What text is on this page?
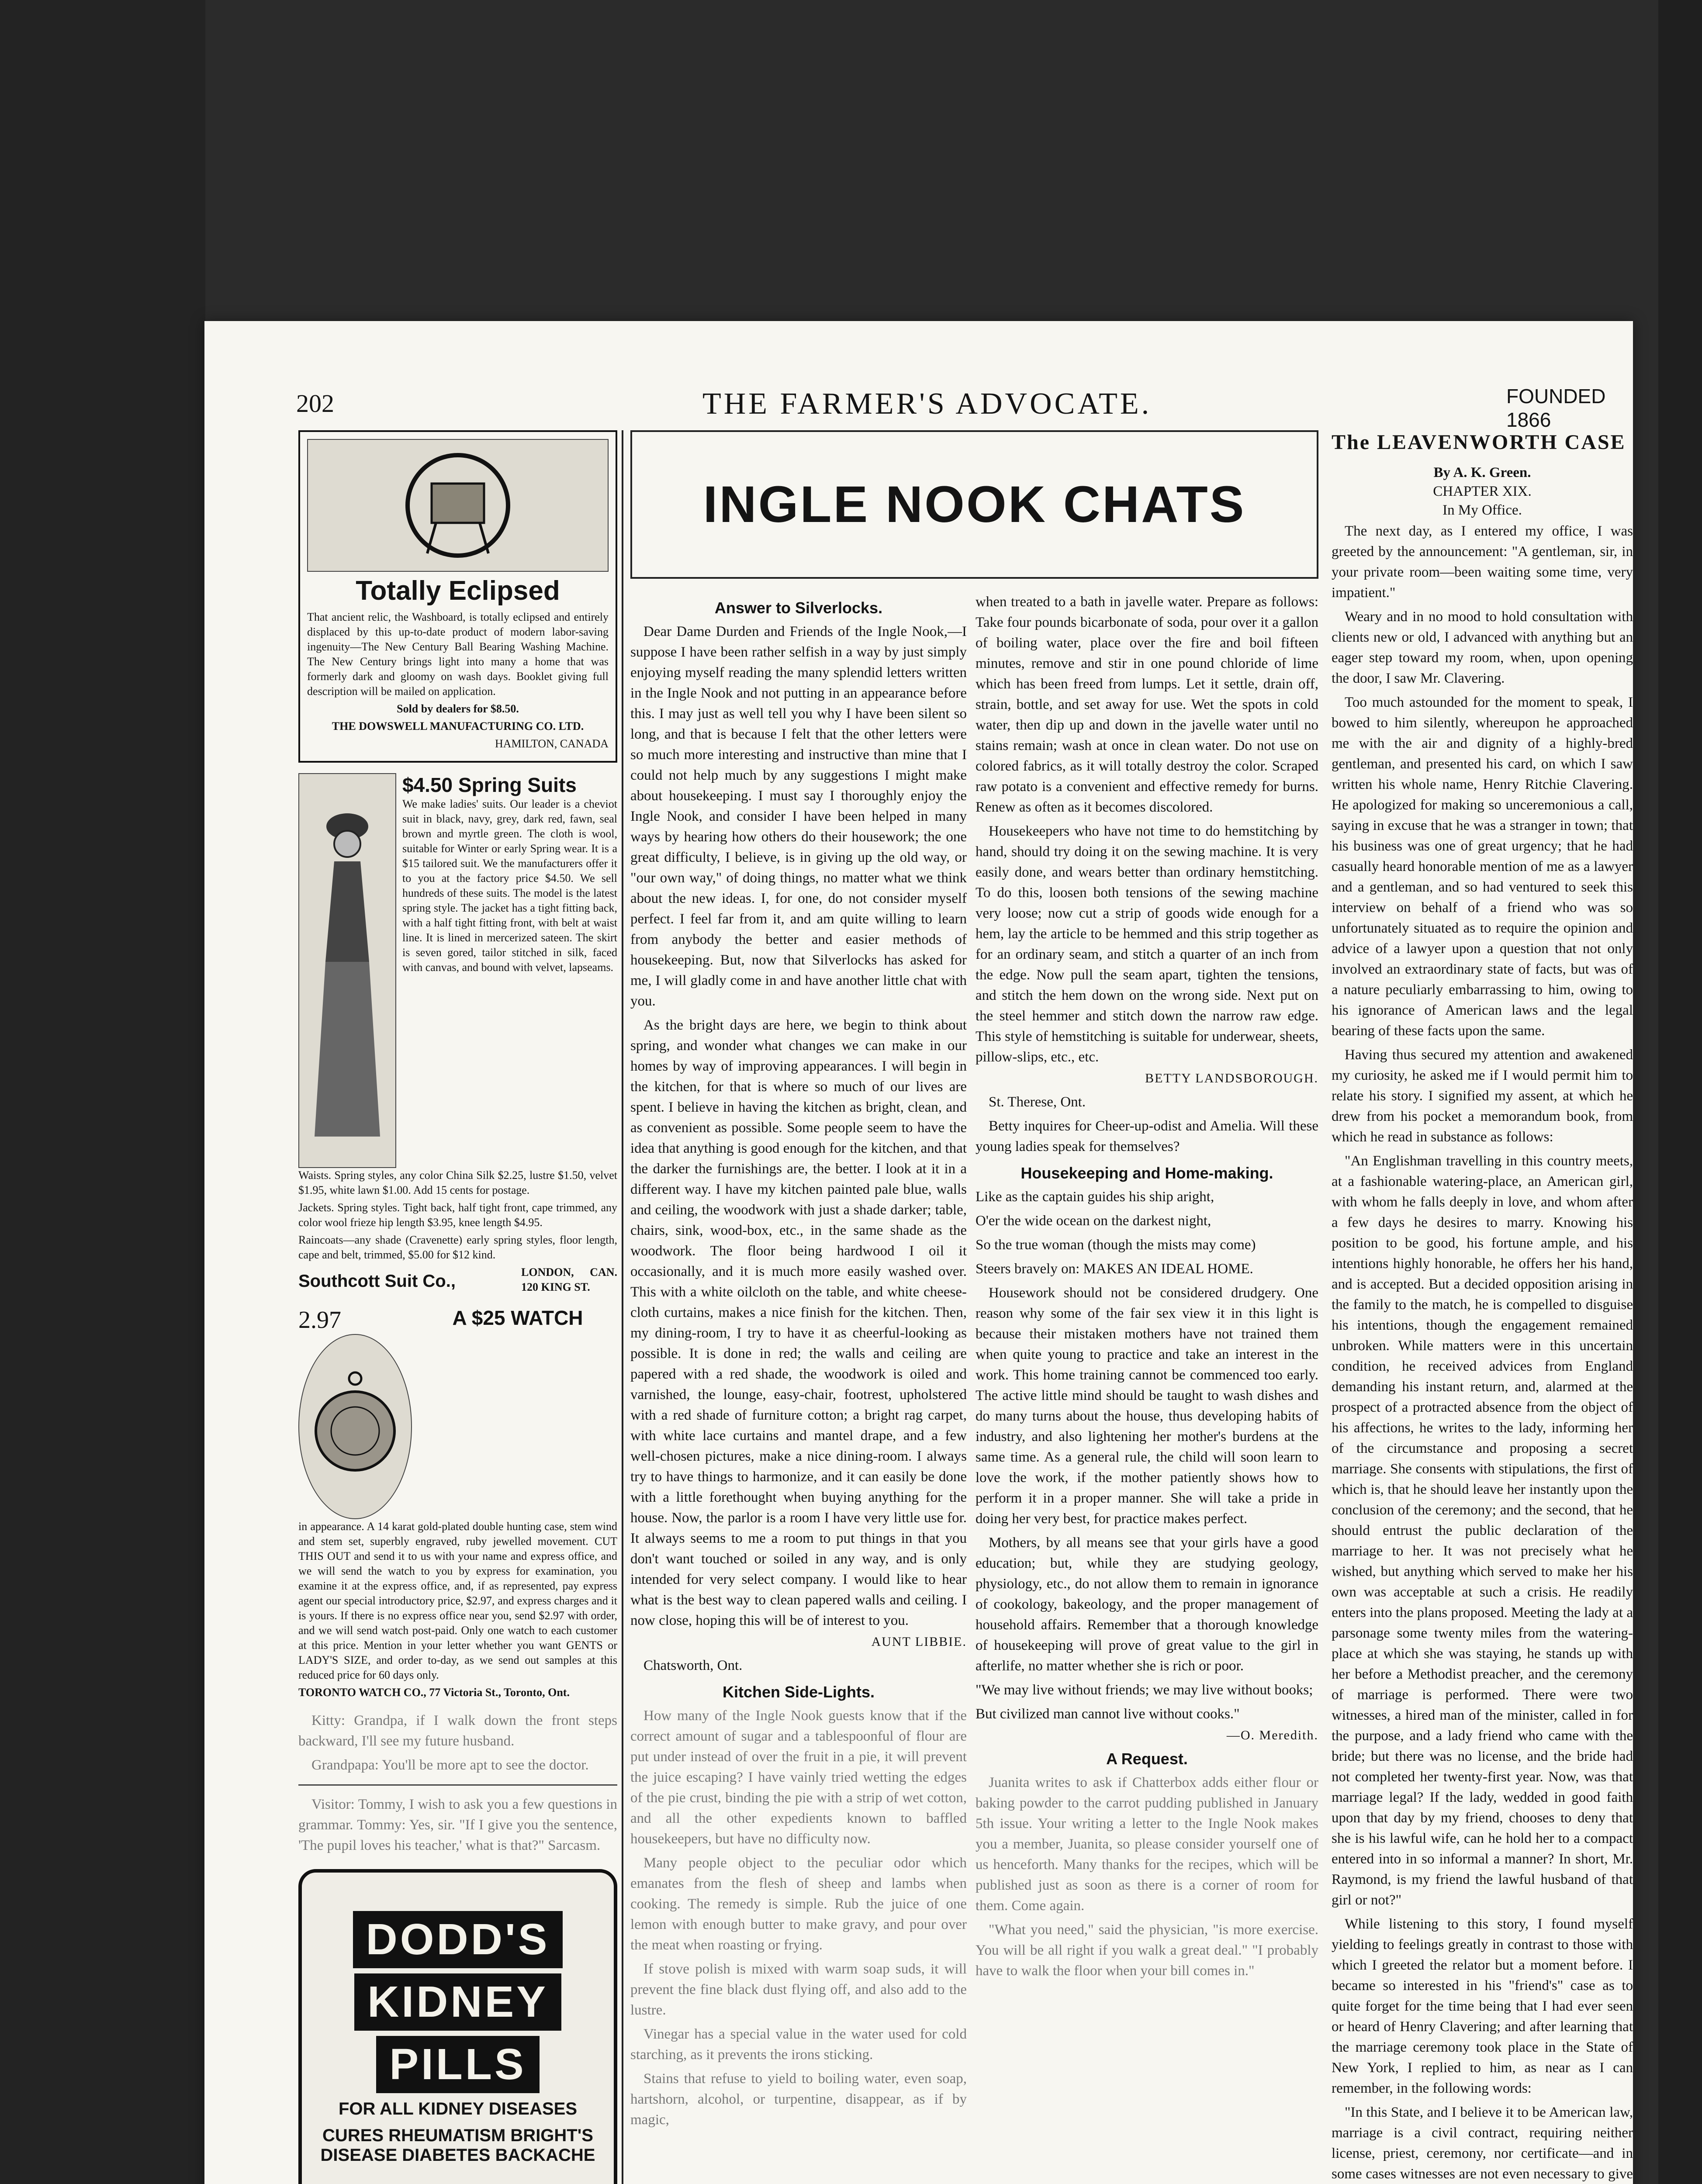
202	THE FARMER'S ADVOCATE.	FOUNDED 1866
Totally Eclipsed

That ancient relic, the Washboard, is totally eclipsed and entirely displaced by this up-to-date product of modern labor-saving ingenuity—The New Century Ball Bearing Washing Machine. The New Century brings light into many a home that was formerly dark and gloomy on wash days. Booklet giving full description will be mailed on application.

Sold by dealers for $8.50.

THE DOWSWELL MANUFACTURING CO. LTD.

HAMILTON, CANADA

$4.50 Spring Suits

We make ladies' suits. Our leader is a cheviot suit in black, navy, grey, dark red, fawn, seal brown and myrtle green. The cloth is wool, suitable for Winter or early Spring wear. It is a $15 tailored suit. We the manufacturers offer it to you at the factory price $4.50. We sell hundreds of these suits. The model is the latest spring style. The jacket has a tight fitting back, with a half tight fitting front, with belt at waist line. It is lined in mercerized sateen. The skirt is seven gored, tailor stitched in silk, faced with canvas, and bound with velvet, lapseams.

Waists. Spring styles, any color China Silk $2.25, lustre $1.50, velvet $1.95, white lawn $1.00. Add 15 cents for postage.

Jackets. Spring styles. Tight back, half tight front, cape trimmed, any color wool frieze hip length $3.95, knee length $4.95.

Raincoats—any shade (Cravenette) early spring styles, floor length, cape and belt, trimmed, $5.00 for $12 kind.

Southcott Suit Co.,	LONDON, CAN. 120 KING ST.
2.97	A $25 WATCH

in appearance. A 14 karat gold-plated double hunting case, stem wind and stem set, superbly engraved, ruby jewelled movement. CUT THIS OUT and send it to us with your name and express office, and we will send the watch to you by express for examination, you examine it at the express office, and, if as represented, pay express agent our special introductory price, $2.97, and express charges and it is yours. If there is no express office near you, send $2.97 with order, and we will send watch post-paid. Only one watch to each customer at this price. Mention in your letter whether you want GENTS or LADY'S SIZE, and order to-day, as we send out samples at this reduced price for 60 days only.

TORONTO WATCH CO., 77 Victoria St., Toronto, Ont.

Kitty: Grandpa, if I walk down the front steps backward, I'll see my future husband.

Grandpapa: You'll be more apt to see the doctor.

Visitor: Tommy, I wish to ask you a few questions in grammar. Tommy: Yes, sir. "If I give you the sentence, 'The pupil loves his teacher,' what is that?" Sarcasm.

DODD'S
KIDNEY
PILLS
FOR ALL KIDNEY DISEASES
CURES RHEUMATISM BRIGHT'S DISEASE DIABETES BACKACHE
INGLE NOOK CHATS
Answer to Silverlocks.

Dear Dame Durden and Friends of the Ingle Nook,—I suppose I have been rather selfish in a way by just simply enjoying myself reading the many splendid letters written in the Ingle Nook and not putting in an appearance before this. I may just as well tell you why I have been silent so long, and that is because I felt that the other letters were so much more interesting and instructive than mine that I could not help much by any suggestions I might make about housekeeping. I must say I thoroughly enjoy the Ingle Nook, and consider I have been helped in many ways by hearing how others do their housework; the one great difficulty, I believe, is in giving up the old way, or "our own way," of doing things, no matter what we think about the new ideas. I, for one, do not consider myself perfect. I feel far from it, and am quite willing to learn from anybody the better and easier methods of housekeeping. But, now that Silverlocks has asked for me, I will gladly come in and have another little chat with you.

As the bright days are here, we begin to think about spring, and wonder what changes we can make in our homes by way of improving appearances. I will begin in the kitchen, for that is where so much of our lives are spent. I believe in having the kitchen as bright, clean, and as convenient as possible. Some people seem to have the idea that anything is good enough for the kitchen, and that the darker the furnishings are, the better. I look at it in a different way. I have my kitchen painted pale blue, walls and ceiling, the woodwork with just a shade darker; table, chairs, sink, wood-box, etc., in the same shade as the woodwork. The floor being hardwood I oil it occasionally, and it is much more easily washed over. This with a white oilcloth on the table, and white cheese-cloth curtains, makes a nice finish for the kitchen. Then, my dining-room, I try to have it as cheerful-looking as possible. It is done in red; the walls and ceiling are papered with a red shade, the woodwork is oiled and varnished, the lounge, easy-chair, footrest, upholstered with a red shade of furniture cotton; a bright rag carpet, with white lace curtains and mantel drape, and a few well-chosen pictures, make a nice dining-room. I always try to have things to harmonize, and it can easily be done with a little forethought when buying anything for the house. Now, the parlor is a room I have very little use for. It always seems to me a room to put things in that you don't want touched or soiled in any way, and is only intended for very select company. I would like to hear what is the best way to clean papered walls and ceiling. I now close, hoping this will be of interest to you.

AUNT LIBBIE.

Chatsworth, Ont.

Kitchen Side-Lights.

How many of the Ingle Nook guests know that if the correct amount of sugar and a tablespoonful of flour are put under instead of over the fruit in a pie, it will prevent the juice escaping? I have vainly tried wetting the edges of the pie crust, binding the pie with a strip of wet cotton, and all the other expedients known to baffled housekeepers, but have no difficulty now.

Many people object to the peculiar odor which emanates from the flesh of sheep and lambs when cooking. The remedy is simple. Rub the juice of one lemon with enough butter to make gravy, and pour over the meat when roasting or frying.

If stove polish is mixed with warm soap suds, it will prevent the fine black dust flying off, and also add to the lustre.

Vinegar has a special value in the water used for cold starching, as it prevents the irons sticking.

Stains that refuse to yield to boiling water, even soap, hartshorn, alcohol, or turpentine, disappear, as if by magic,

when treated to a bath in javelle water. Prepare as follows: Take four pounds bicarbonate of soda, pour over it a gallon of boiling water, place over the fire and boil fifteen minutes, remove and stir in one pound chloride of lime which has been freed from lumps. Let it settle, drain off, strain, bottle, and set away for use. Wet the spots in cold water, then dip up and down in the javelle water until no stains remain; wash at once in clean water. Do not use on colored fabrics, as it will totally destroy the color. Scraped raw potato is a convenient and effective remedy for burns. Renew as often as it becomes discolored.

Housekeepers who have not time to do hemstitching by hand, should try doing it on the sewing machine. It is very easily done, and wears better than ordinary hemstitching. To do this, loosen both tensions of the sewing machine very loose; now cut a strip of goods wide enough for a hem, lay the article to be hemmed and this strip together as for an ordinary seam, and stitch a quarter of an inch from the edge. Now pull the seam apart, tighten the tensions, and stitch the hem down on the wrong side. Next put on the steel hemmer and stitch down the narrow raw edge. This style of hemstitching is suitable for underwear, sheets, pillow-slips, etc., etc.

BETTY LANDSBOROUGH.

St. Therese, Ont.

Betty inquires for Cheer-up-odist and Amelia. Will these young ladies speak for themselves?

Housekeeping and Home-making.

Like as the captain guides his ship aright,

O'er the wide ocean on the darkest night,

So the true woman (though the mists may come)

Steers bravely on: MAKES AN IDEAL HOME.

Housework should not be considered drudgery. One reason why some of the fair sex view it in this light is because their mistaken mothers have not trained them when quite young to practice and take an interest in the work. This home training cannot be commenced too early. The active little mind should be taught to wash dishes and do many turns about the house, thus developing habits of industry, and also lightening her mother's burdens at the same time. As a general rule, the child will soon learn to love the work, if the mother patiently shows how to perform it in a proper manner. She will take a pride in doing her very best, for practice makes perfect.

Mothers, by all means see that your girls have a good education; but, while they are studying geology, physiology, etc., do not allow them to remain in ignorance of cookology, bakeology, and the proper management of household affairs. Remember that a thorough knowledge of housekeeping will prove of great value to the girl in afterlife, no matter whether she is rich or poor.

"We may live without friends; we may live without books;

But civilized man cannot live without cooks."

—O. Meredith.
A Request.

Juanita writes to ask if Chatterbox adds either flour or baking powder to the carrot pudding published in January 5th issue. Your writing a letter to the Ingle Nook makes you a member, Juanita, so please consider yourself one of us henceforth. Many thanks for the recipes, which will be published just as soon as there is a corner of room for them. Come again.

"What you need," said the physician, "is more exercise. You will be all right if you walk a great deal." "I probably have to walk the floor when your bill comes in."

The LEAVENWORTH CASE
By A. K. Green.
CHAPTER XIX.
In My Office.

The next day, as I entered my office, I was greeted by the announcement: "A gentleman, sir, in your private room—been waiting some time, very impatient."

Weary and in no mood to hold consultation with clients new or old, I advanced with anything but an eager step toward my room, when, upon opening the door, I saw Mr. Clavering.

Too much astounded for the moment to speak, I bowed to him silently, whereupon he approached me with the air and dignity of a highly-bred gentleman, and presented his card, on which I saw written his whole name, Henry Ritchie Clavering. He apologized for making so unceremonious a call, saying in excuse that he was a stranger in town; that his business was one of great urgency; that he had casually heard honorable mention of me as a lawyer and a gentleman, and so had ventured to seek this interview on behalf of a friend who was so unfortunately situated as to require the opinion and advice of a lawyer upon a question that not only involved an extraordinary state of facts, but was of a nature peculiarly embarrassing to him, owing to his ignorance of American laws and the legal bearing of these facts upon the same.

Having thus secured my attention and awakened my curiosity, he asked me if I would permit him to relate his story. I signified my assent, at which he drew from his pocket a memorandum book, from which he read in substance as follows:

"An Englishman travelling in this country meets, at a fashionable watering-place, an American girl, with whom he falls deeply in love, and whom after a few days he desires to marry. Knowing his position to be good, his fortune ample, and his intentions highly honorable, he offers her his hand, and is accepted. But a decided opposition arising in the family to the match, he is compelled to disguise his intentions, though the engagement remained unbroken. While matters were in this uncertain condition, he received advices from England demanding his instant return, and, alarmed at the prospect of a protracted absence from the object of his affections, he writes to the lady, informing her of the circumstance and proposing a secret marriage. She consents with stipulations, the first of which is, that he should leave her instantly upon the conclusion of the ceremony; and the second, that he should entrust the public declaration of the marriage to her. It was not precisely what he wished, but anything which served to make her his own was acceptable at such a crisis. He readily enters into the plans proposed. Meeting the lady at a parsonage some twenty miles from the watering-place at which she was staying, he stands up with her before a Methodist preacher, and the ceremony of marriage is performed. There were two witnesses, a hired man of the minister, called in for the purpose, and a lady friend who came with the bride; but there was no license, and the bride had not completed her twenty-first year. Now, was that marriage legal? If the lady, wedded in good faith upon that day by my friend, chooses to deny that she is his lawful wife, can he hold her to a compact entered into in so informal a manner? In short, Mr. Raymond, is my friend the lawful husband of that girl or not?"

While listening to this story, I found myself yielding to feelings greatly in contrast to those with which I greeted the relator but a moment before. I became so interested in his "friend's" case as to quite forget for the time being that I had ever seen or heard of Henry Clavering; and after learning that the marriage ceremony took place in the State of New York, I replied to him, as near as I can remember, in the following words:

"In this State, and I believe it to be American law, marriage is a civil contract, requiring neither license, priest, ceremony, nor certificate—and in some cases witnesses are not even necessary to give
